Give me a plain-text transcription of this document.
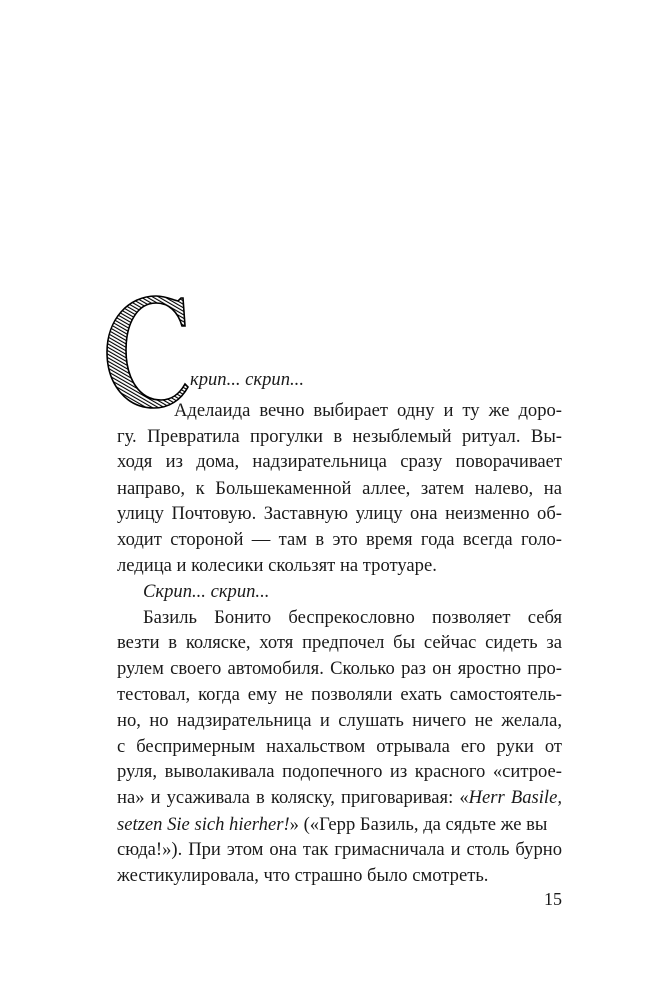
крип... скрип...
Аделаида вечно выбирает одну и ту же доро-
гу. Превратила прогулки в незыблемый ритуал. Вы-
ходя из дома, надзирательница сразу поворачивает
направо, к Большекаменной аллее, затем налево, на
улицу Почтовую. Заставную улицу она неизменно об-
ходит стороной — там в это время года всегда голо-
ледица и колесики скользят на тротуаре.
Скрип... скрип...
Базиль Бонито беспрекословно позволяет себя
везти в коляске, хотя предпочел бы сейчас сидеть за
рулем своего автомобиля. Сколько раз он яростно про-
тестовал, когда ему не позволяли ехать самостоятель-
но, но надзирательница и слушать ничего не желала,
с беспримерным нахальством отрывала его руки от
руля, выволакивала подопечного из красного «ситрое-
на» и усаживала в коляску, приговаривая: «Herr Basile,
setzen Sie sich hierher!» («Герр Базиль, да сядьте же вы
15
сюда!»). При этом она так гримасничала и столь бурно
жестикулировала, что страшно было смотреть.
